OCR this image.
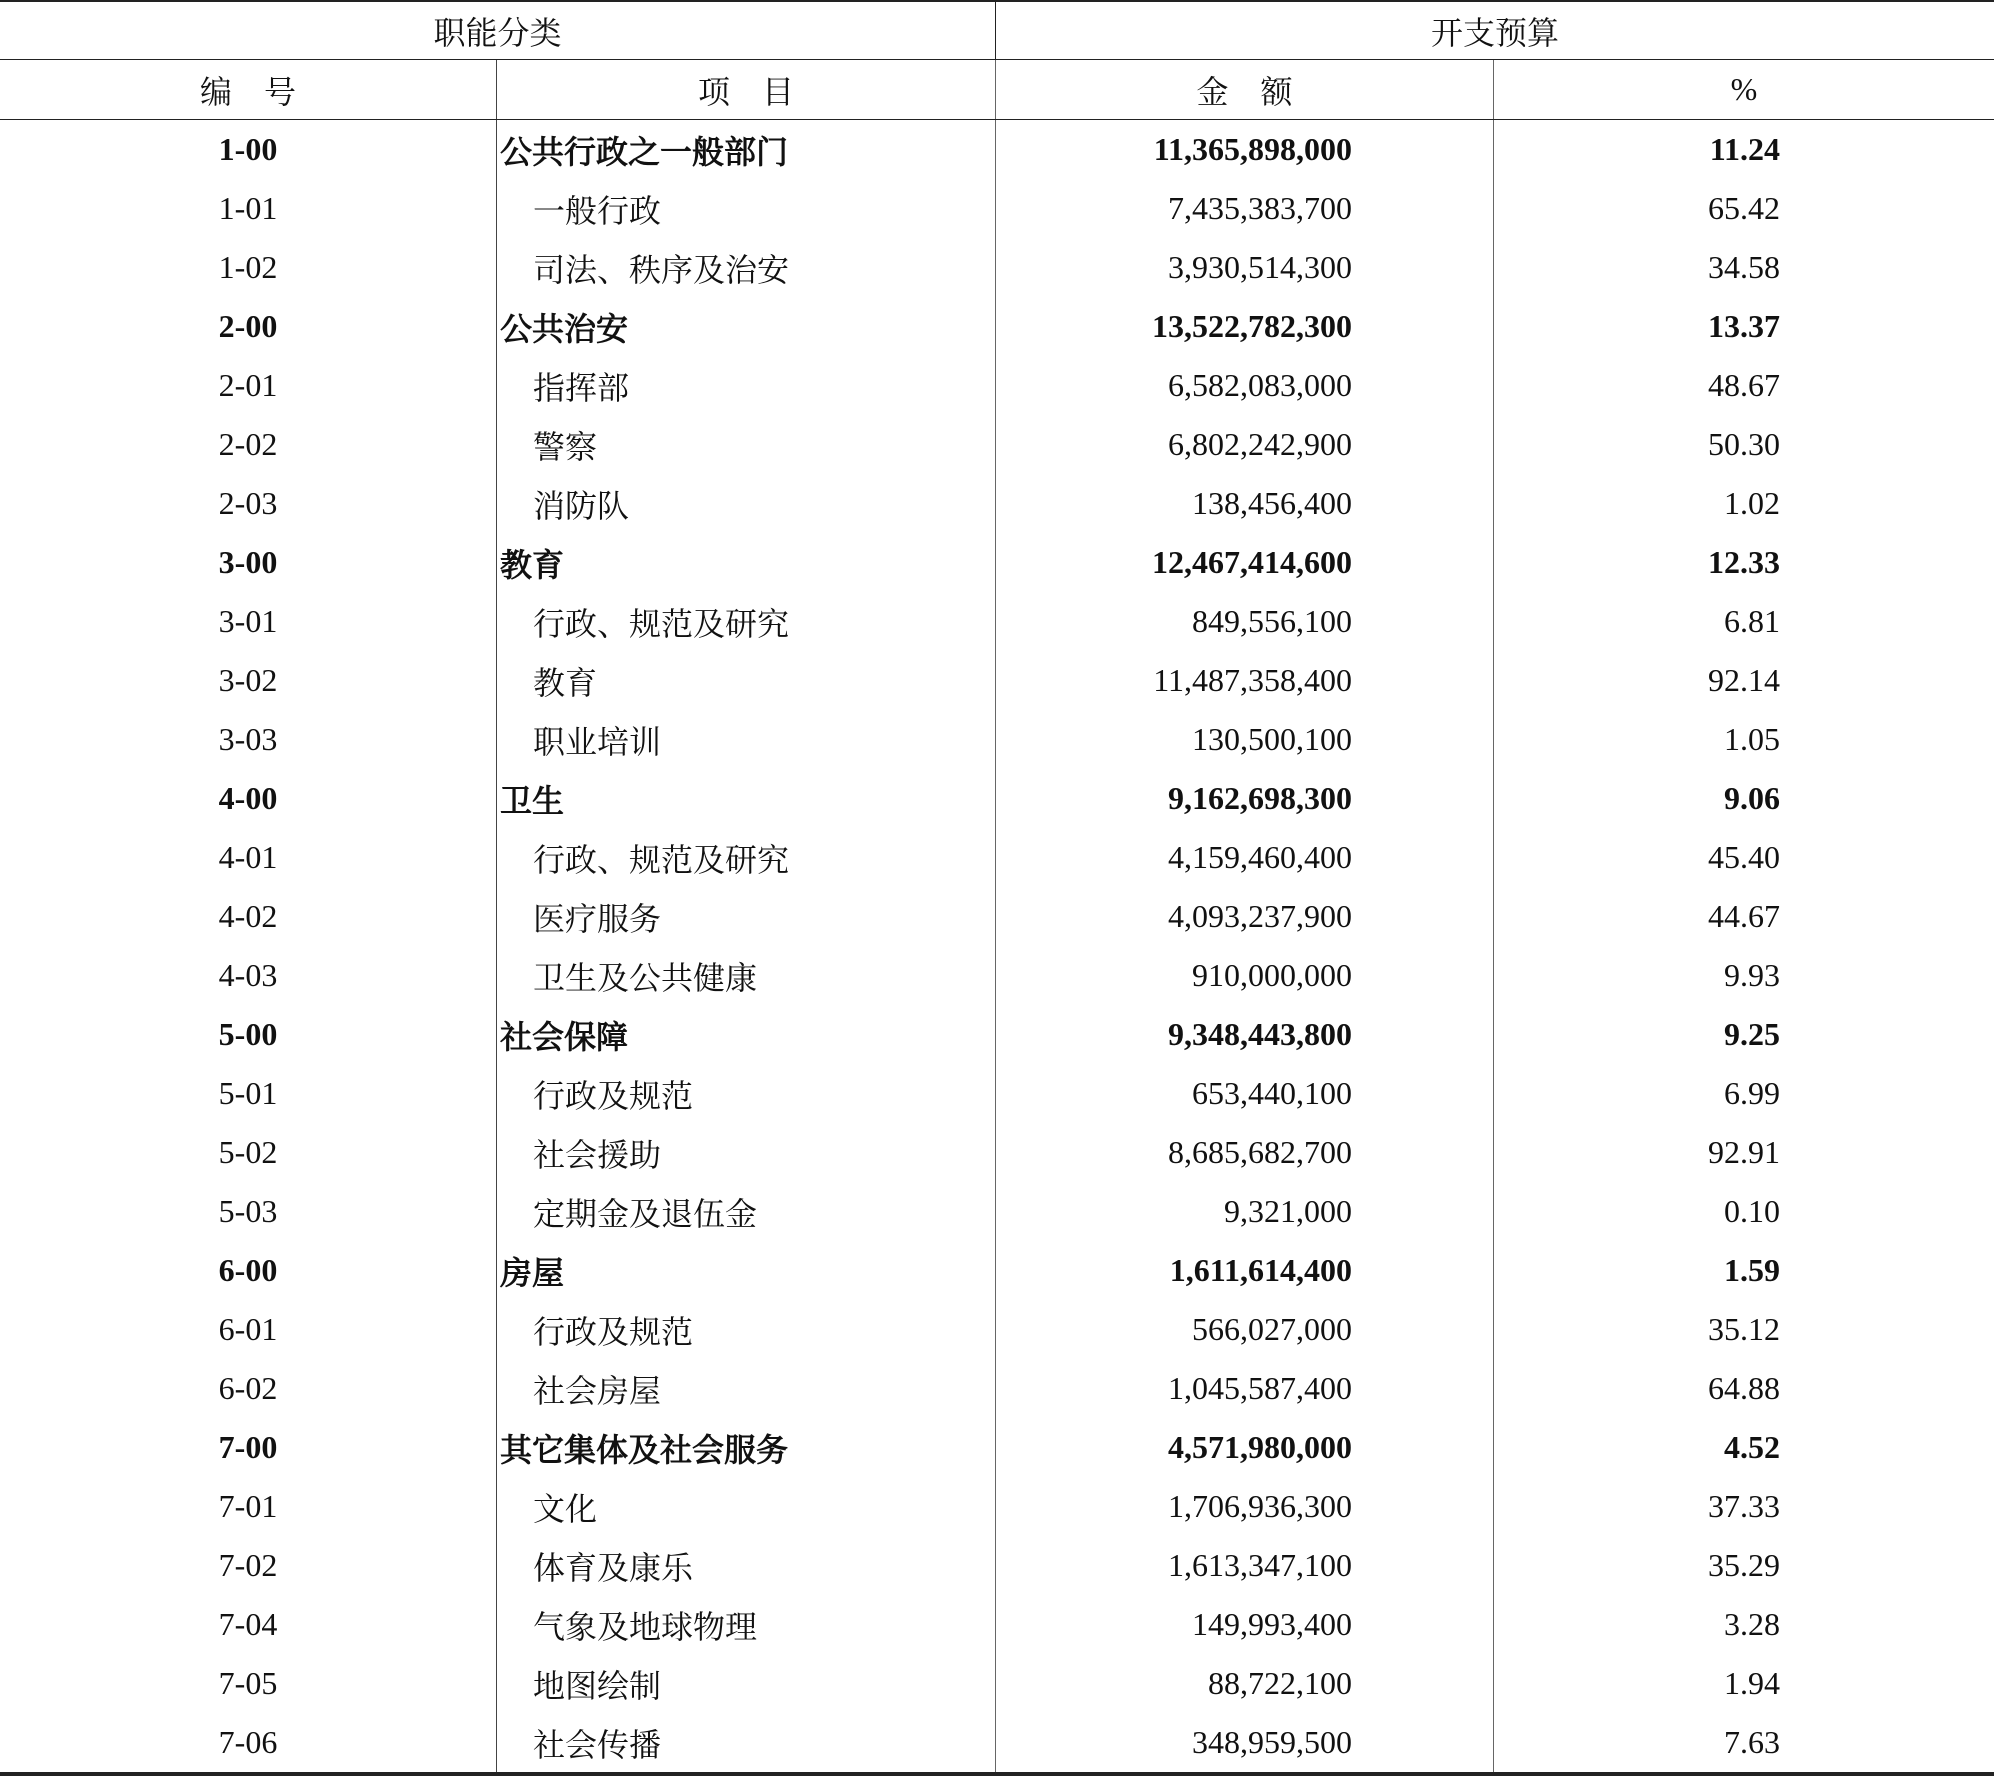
职能分类	开支预算
编　号	项　目	金　额	%
1-00	公共行政之一般部门	11,365,898,000	11.24
1-01	一般行政	7,435,383,700	65.42
1-02	司法、秩序及治安	3,930,514,300	34.58
2-00	公共治安	13,522,782,300	13.37
2-01	指挥部	6,582,083,000	48.67
2-02	警察	6,802,242,900	50.30
2-03	消防队	138,456,400	1.02
3-00	教育	12,467,414,600	12.33
3-01	行政、规范及研究	849,556,100	6.81
3-02	教育	11,487,358,400	92.14
3-03	职业培训	130,500,100	1.05
4-00	卫生	9,162,698,300	9.06
4-01	行政、规范及研究	4,159,460,400	45.40
4-02	医疗服务	4,093,237,900	44.67
4-03	卫生及公共健康	910,000,000	9.93
5-00	社会保障	9,348,443,800	9.25
5-01	行政及规范	653,440,100	6.99
5-02	社会援助	8,685,682,700	92.91
5-03	定期金及退伍金	9,321,000	0.10
6-00	房屋	1,611,614,400	1.59
6-01	行政及规范	566,027,000	35.12
6-02	社会房屋	1,045,587,400	64.88
7-00	其它集体及社会服务	4,571,980,000	4.52
7-01	文化	1,706,936,300	37.33
7-02	体育及康乐	1,613,347,100	35.29
7-04	气象及地球物理	149,993,400	3.28
7-05	地图绘制	88,722,100	1.94
7-06	社会传播	348,959,500	7.63
